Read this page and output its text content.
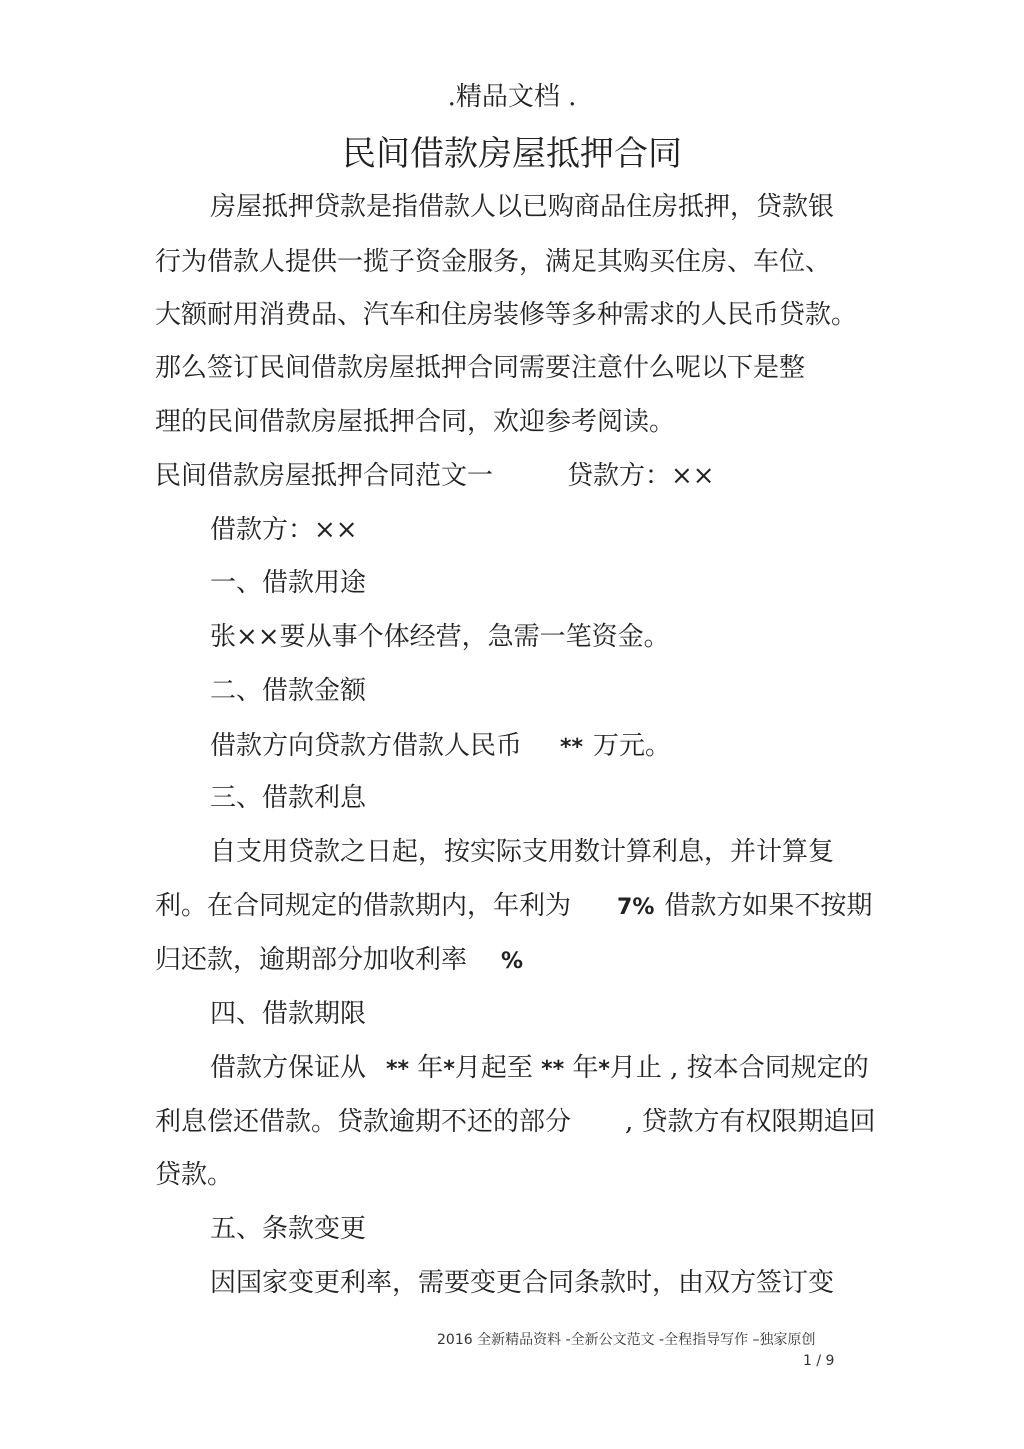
.精品文档 .
民间借款房屋抵押合同
房屋抵押贷款是指借款人以已购商品住房抵押，贷款银
行为借款人提供一揽子资金服务，满足其购买住房、车位、
大额耐用消费品、汽车和住房装修等多种需求的人民币贷款。
那么签订民间借款房屋抵押合同需要注意什么呢以下是整
理的民间借款房屋抵押合同，欢迎参考阅读。
民间借款房屋抵押合同范文一	贷款方：××
借款方：××
一、借款用途
张××要从事个体经营，急需一笔资金。
二、借款金额
借款方向贷款方借款人民币 ** 万元。
三、借款利息
自支用贷款之日起，按实际支用数计算利息，并计算复
利。在合同规定的借款期内，年利为 7% 借款方如果不按期
归还款，逾期部分加收利率 %
四、借款期限
借款方保证从 ** 年*月起至 ** 年*月止 , 按本合同规定的
利息偿还借款。贷款逾期不还的部分 , 贷款方有权限期追回
贷款。
五、条款变更
因国家变更利率，需要变更合同条款时，由双方签订变
2016 全新精品资料 -全新公文范文 -全程指导写作 –独家原创
1 / 9
